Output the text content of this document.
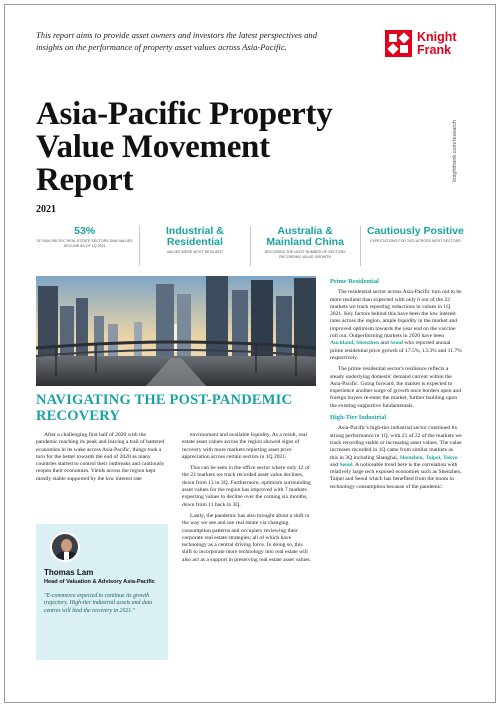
This report aims to provide asset owners and investors the latest perspectives and insights on the performance of property asset values across Asia-Pacific.
Knight
Frank
Asia-Pacific Property Value Movement Report
2021
knightfrank.com/research
53%
OF ASIA-PACIFIC REAL ESTATE SECTORS SAW VALUES DECLINE AS OF 1Q 2021
Industrial & Residential
VALUES WERE MOST RESILIENT
Australia & Mainland China
RECORDED THE MOST NUMBER OF SECTORS RECORDING VALUE GROWTH
Cautiously Positive
EXPECTATIONS FOR 2021 ACROSS MOST SECTORS
NAVIGATING THE POST-PANDEMIC RECOVERY

After a challenging first half of 2020 with the pandemic reaching its peak and leaving a trail of battered economies in its wake across Asia-Pacific, things took a turn for the better towards the end of 2020 as many countries started to control their outbreaks and cautiously reopen their economies. Yields across the region kept mostly stable supported by the low interest rate

Thomas Lam
Head of Valuation & Advisory Asia-Pacific
"E-commerce expected to continue its growth trajectory. High-tier industrial assets and data centres will lead the recovery in 2021."

environment and available liquidity. As a result, real estate asset values across the region showed signs of recovery with more markets reporting asset price appreciation across certain sectors in 1Q 2021.

This can be seen in the office sector where only 12 of the 22 markets we track recorded asset value declines, down from 13 in 3Q. Furthermore, optimism surrounding asset values for the region has improved with 7 markets expecting values to decline over the coming six months, down from 11 back in 3Q.

Lastly, the pandemic has also brought about a shift in the way we see and use real estate via changing consumption patterns and occupiers reviewing their corporate real estate strategies; all of which have technology as a central driving force. In doing so, this shift to incorporate more technology into real estate will also act as a support in preserving real estate asset values.

Prime Residential

The residential sector across Asia-Pacific turn out to be more resilient than expected with only 6 out of the 22 markets we track reporting reductions in values in 1Q 2021. Key factors behind this have been the low interest rates across the region, ample liquidity in the market and improved optimism towards the year end on the vaccine roll out. Outperforming markets in 2020 have been Auckland, Shenzhen and Seoul who reported annual prime residential price growth of 17.5%, 13.3% and 11.7% respectively.

The prime residential sector's resilience reflects a steady underlying domestic demand current within the Asia-Pacific. Going forward, the market is expected to experience another surge of growth once borders open and foreign buyers re-enter the market, further building upon the existing supportive fundamentals.

High-Tier Industrial

Asia-Pacific's high-tier industrial sector continued its strong performance in 1Q, with 21 of 22 of the markets we track recording stable or increasing asset values. The value increases recorded in 1Q came from similar markets as this in 3Q including Shanghai, Shenzhen, Taipei, Tokyo and Seoul. A noticeable trend here is the correlation with relatively large tech exposed economies such as Shenzhen, Taipei and Seoul which has benefited from the boom in technology consumption because of the pandemic.
